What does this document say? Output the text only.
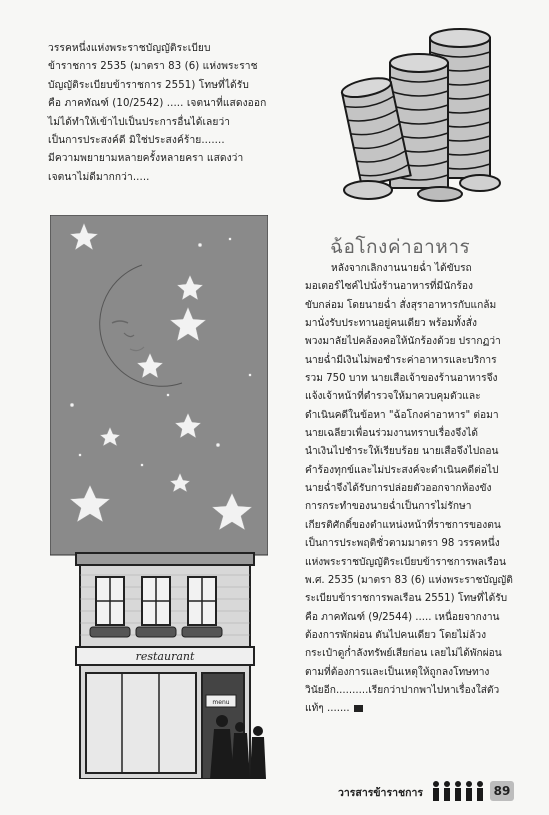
วรรคหนึ่งแห่งพระราชบัญญัติระเบียบ
ข้าราชการ 2535 (มาตรา 83 (6) แห่งพระราช
บัญญัติระเบียบข้าราชการ 2551) โทษที่ได้รับ
คือ ภาคทัณฑ์ (10/2542) ..... เจตนาที่แสดงออก
ไม่ได้ทำให้เข้าไปเป็นประการอื่นได้เลยว่า
เป็นการประสงค์ดี มิใช่ประสงค์ร้าย.......
มีความพยายามหลายครั้งหลายครา แสดงว่า
เจตนาไม่ดีมากกว่า.....
ฉ้อโกงค่าอาหาร
หลังจากเลิกงานนายฉ่ำ ได้ขับรถ
มอเตอร์ไซค์ไปนั่งร้านอาหารที่มีนักร้อง
ขับกล่อม โดยนายฉ่ำ สั่งสุราอาหารกับแกล้ม
มานั่งรับประทานอยู่คนเดียว พร้อมทั้งสั่ง
พวงมาลัยไปคล้องคอให้นักร้องด้วย ปรากฏว่า
นายฉ่ำมีเงินไม่พอชำระค่าอาหารและบริการ
รวม 750 บาท นายเสือเจ้าของร้านอาหารจึง
แจ้งเจ้าหน้าที่ตำรวจให้มาควบคุมตัวและ
ดำเนินคดีในข้อหา "ฉ้อโกงค่าอาหาร" ต่อมา
นายเฉลียวเพื่อนร่วมงานทราบเรื่องจึงได้
นำเงินไปชำระให้เรียบร้อย นายเสือจึงไปถอน
คำร้องทุกข์และไม่ประสงค์จะดำเนินคดีต่อไป
นายฉ่ำจึงได้รับการปล่อยตัวออกจากห้องขัง
การกระทำของนายฉ่ำเป็นการไม่รักษา
เกียรติศักดิ์ของตำแหน่งหน้าที่ราชการของตน
เป็นการประพฤติชั่วตามมาตรา 98 วรรคหนึ่ง
แห่งพระราชบัญญัติระเบียบข้าราชการพลเรือน
พ.ศ. 2535 (มาตรา 83 (6) แห่งพระราชบัญญัติ
ระเบียบข้าราชการพลเรือน 2551) โทษที่ได้รับ
คือ ภาคทัณฑ์ (9/2544) ..... เหนื่อยจากงาน
ต้องการพักผ่อน ตันไปคนเดียว โดยไม่ล้วง
กระเป๋าดูก่ำลังทรัพย์เสียก่อน เลยไม่ได้พักผ่อน
ตามที่ต้องการและเป็นเหตุให้ถูกลงโทษทาง
วินัยอีก..........เรียกว่าปากพาไปหาเรื่องใส่ตัว
แท้ๆ .......
restaurant
menu
วารสารข้าราชการ	89
